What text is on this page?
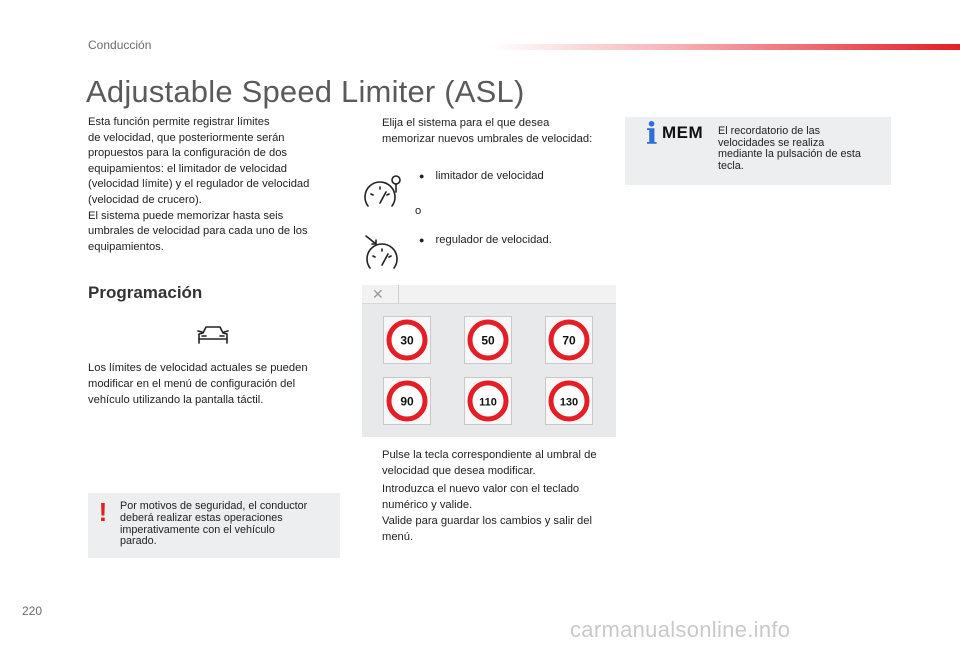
Conducción
Adjustable Speed Limiter (ASL)

Esta función permite registrar límites

de velocidad, que posteriormente serán

propuestos para la configuración de dos

equipamientos: el limitador de velocidad

(velocidad límite) y el regulador de velocidad

(velocidad de crucero).

El sistema puede memorizar hasta seis

umbrales de velocidad para cada uno de los

equipamientos.

Programación
Los límites de velocidad actuales se pueden
modificar en el menú de configuración del
vehículo utilizando la pantalla táctil.
! Por motivos de seguridad, el conductor
deberá realizar estas operaciones
imperativamente con el vehículo
parado.
Elija el sistema para el que desea
memorizar nuevos umbrales de velocidad:
● limitador de velocidad
o
● regulador de velocidad.
✕
30	50	70
90	110	130
Pulse la tecla correspondiente al umbral de
velocidad que desea modificar.
Introduzca el nuevo valor con el teclado
numérico y valide.
Valide para guardar los cambios y salir del
menú.
i MEM El recordatorio de las
velocidades se realiza
mediante la pulsación de esta
tecla.
220
carmanualsonline.info
